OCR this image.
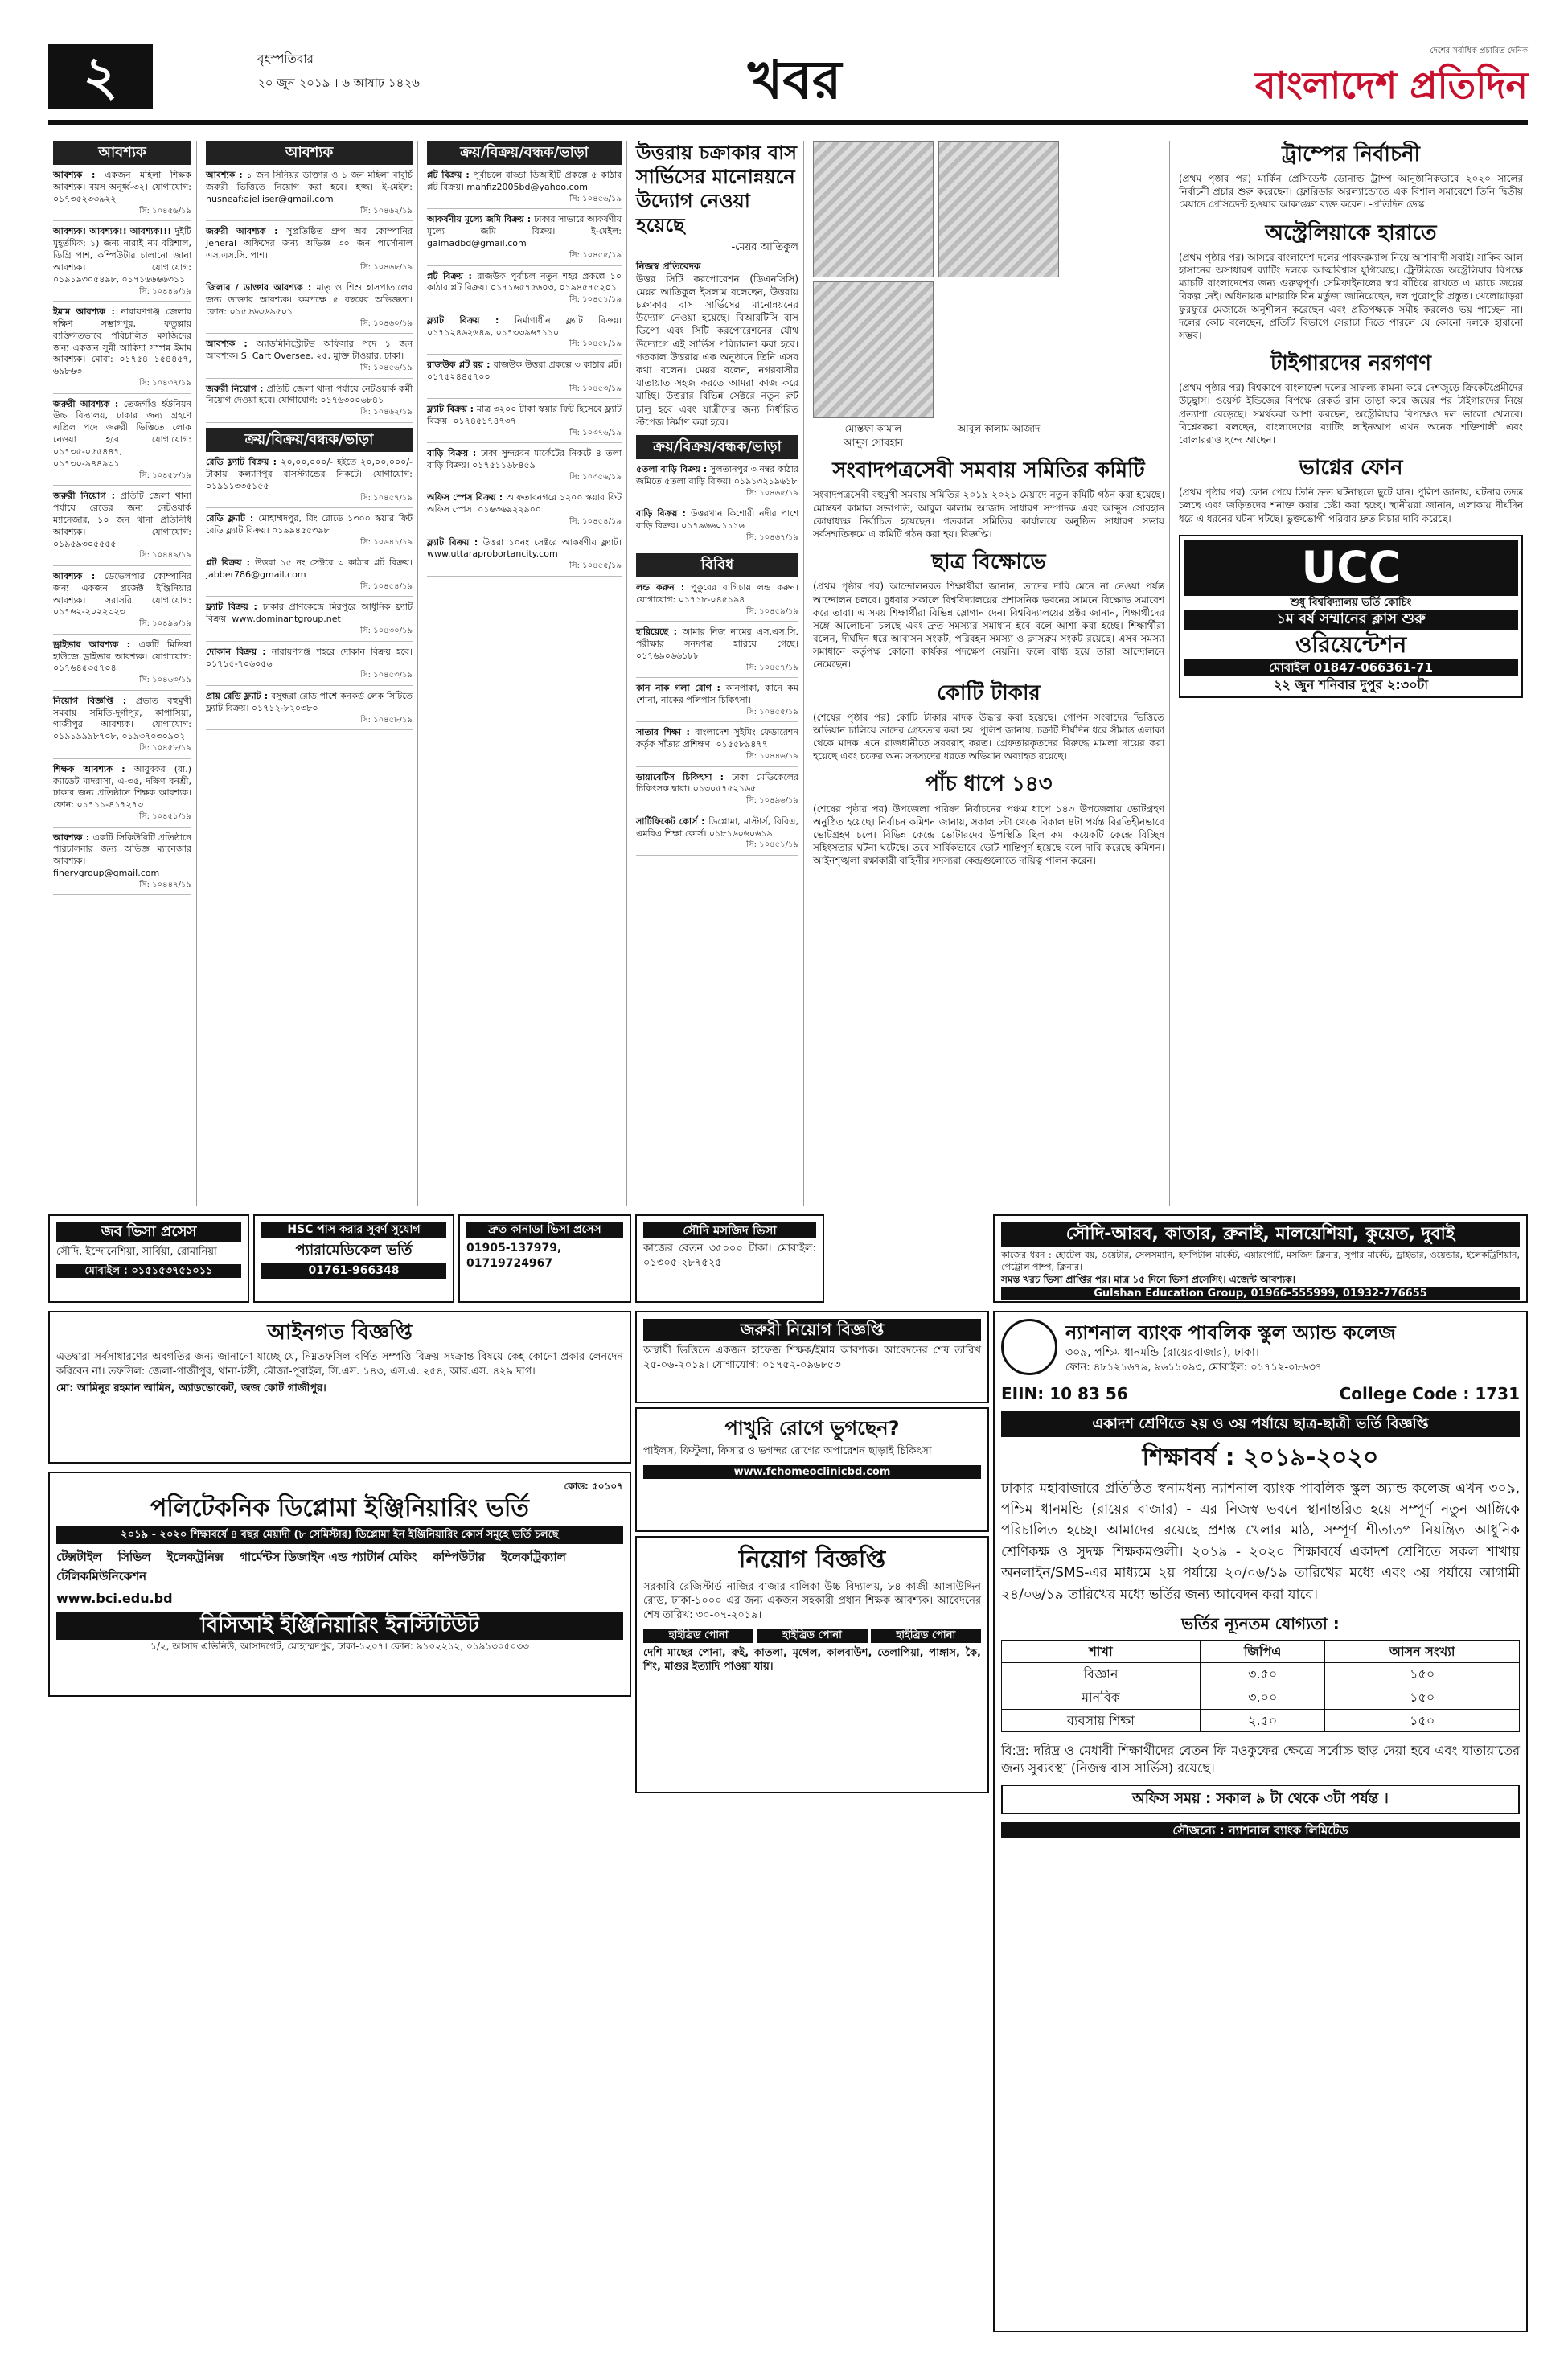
২	বৃহস্পতিবার
২০ জুন ২০১৯ । ৬ আষাঢ় ১৪২৬	খবর	দেশের সর্বাধিক প্রচারিত দৈনিক
বাংলাদেশ প্রতিদিন
আবশ্যক
আবশ্যক : একজন মহিলা শিক্ষক আবশ্যক। বয়স অনূর্ধ্ব-৩২। যোগাযোগ: ০১৭৩৫২৩৩৯২২
সি: ১০৪৫৬/১৯
আবশ্যক! আবশ্যক!! আবশ্যক!!! দুইটি মুহূর্তমিক: ১) জন্য নারাই নম বরিশাল, ডিগ্রি পাশ, কম্পিউটার চালানো জানা আবশ্যক। যোগাযোগ: ০১৯১৯৩০৫৪৯৮, ০১৭১৬৬৬৬৩১১
সি: ১০৪৪৯/১৯
ইমাম আবশ্যক : নারায়ণগঞ্জ জেলার দক্ষিণ সম্ভাগপুর, ফতুল্লায় ব্যক্তিগতভাবে পরিচালিত মসজিদের জন্য একজন সুন্নী আকিদা সম্পন্ন ইমাম আবশ্যক। মোবা: ০১৭৫৪ ১৫৪৪৫৭, ৬৯৮৬৩
সি: ১০৪৩৭/১৯
জরুরী আবশ্যক : তেজগাঁও ইউনিয়ন উচ্চ বিদ্যালয়, ঢাকার জন্য গ্রহণে এপ্রিল পদে জরুরী ভিত্তিতে লোক নেওয়া হবে। যোগাযোগ: ০১৭৩৫-০৫৫৪৪৭, ০১৭৩০-৯৪৪৯৩১
সি: ১০৪৫৮/১৯
জরুরী নিয়োগ : প্রতিটি জেলা থানা পর্যায়ে রেডের জন্য নেটওয়ার্ক ম্যানেজার, ১০ জন থানা প্রতিনিধি আবশ্যক। যোগাযোগ: ০১৯৫৯৩০৫৫৫৫
সি: ১০৪৪৯/১৯
আবশ্যক : ডেভেলপার কোম্পানির জন্য একজন প্রজেক্ট ইঞ্জিনিয়ার আবশ্যক। সরাসরি যোগাযোগ: ০১৭৬২-২০২২৩২৩
সি: ১০৪৯৯/১৯
ড্রাইভার আবশ্যক : একটি মিডিয়া হাউজে ড্রাইভার আবশ্যক। যোগাযোগ: ০১৭৬৪৫৩৫৭০৪
সি: ১০৪৬৩/১৯
নিয়োগ বিজ্ঞপ্তি : প্রভাত বহুমুখী সমবায় সমিতি-দুর্গাপুর, কাপাসিয়া, গাজীপুর আবশ্যক। যোগাযোগ: ০১৯১৯৯৯৮৭০৮, ০১৯৩৭০৩০৯০২
সি: ১০৪৫৮/১৯
শিক্ষক আবশ্যক : আবুবকর (রা.) ক্যাডেট মাদরাসা, এ-৩৫, দক্ষিণ বনশ্রী, ঢাকার জন্য প্রতিষ্ঠানে শিক্ষক আবশ্যক। ফোন: ০১৭১১-৪১৭২৭৩
সি: ১০৪৫১/১৯
আবশ্যক : একটি সিকিউরিটি প্রতিষ্ঠানে পরিচালনার জন্য অভিজ্ঞ ম্যানেজার আবশ্যক। finerygroup@gmail.com
সি: ১০৪৪৭/১৯
আবশ্যক
আবশ্যক : ১ জন সিনিয়র ডাক্তার ও ১ জন মহিলা বাবুর্চি জরুরী ভিত্তিতে নিয়োগ করা হবে। হজ্জ। ই-মেইল: husneaf:ajelliser@gmail.com
সি: ১০৪৬২/১৯
জরুরী আবশ্যক : সুপ্রতিষ্ঠিত গ্রুপ অব কোম্পানির Jeneral অফিসের জন্য অভিজ্ঞ ৩০ জন পার্সোনাল এস.এস.সি. পাশ।
সি: ১০৪৬৮/১৯
জিলার / ডাক্তার আবশ্যক : মাতৃ ও শিশু হাসপাতালের জন্য ডাক্তার আবশ্যক। কমপক্ষে ৫ বছরের অভিজ্ঞতা। ফোন: ০১৫৫৬৩৬৯৫০১
সি: ১০৪৬০/১৯
আবশ্যক : অ্যাডমিনিস্ট্রেটিভ অফিসার পদে ১ জন আবশ্যক। S. Cart Oversee, ২৫, মুক্তি টাওয়ার, ঢাকা।
সি: ১০৪৫৬/১৯
জরুরী নিয়োগ : প্রতিটি জেলা থানা পর্যায়ে নেটওয়ার্ক কর্মী নিয়োগ দেওয়া হবে। যোগাযোগ: ০১৭৬৩০০৬৮৪১
সি: ১০৪৬২/১৯
ক্রয়/বিক্রয়/বন্ধক/ভাড়া
রেডি ফ্ল্যাট বিক্রয় : ২০,০০,০০০/- হইতে ২০,০০,০০০/- টাকায় কল্যাণপুর বাসস্ট্যান্ডের নিকটে। যোগাযোগ: ০১৯১১৩৩৫১৫৫
সি: ১০৪৫৭/১৯
রেডি ফ্ল্যাট : মোহাম্মদপুর, রিং রোডে ১৩০০ স্কয়ার ফিট রেডি ফ্ল্যাট বিক্রয়। ০১৯৯৪৫৫৩৯৮
সি: ১০৬৪১/১৯
প্লট বিক্রয় : উত্তরা ১৫ নং সেক্টরে ৩ কাঠার প্লট বিক্রয়। jabber786@gmail.com
সি: ১০৪৫৪/১৯
ফ্ল্যাট বিক্রয় : ঢাকার প্রাণকেন্দ্রে মিরপুরে আধুনিক ফ্ল্যাট বিক্রয়। www.dominantgroup.net
সি: ১০৪৩০/১৯
দোকান বিক্রয় : নারায়ণগঞ্জ শহরে দোকান বিক্রয় হবে। ০১৭১৫-৭০৬০৫৬
সি: ১০৪৫৩/১৯
প্রায় রেডি ফ্ল্যাট : বসুন্ধরা রোড পাশে কনকর্ড লেক সিটিতে ফ্ল্যাট বিক্রয়। ০১৭১২-৮২০৩৮০
সি: ১০৪৫৮/১৯
ক্রয়/বিক্রয়/বন্ধক/ভাড়া
প্লট বিক্রয় : পূর্বাচলে বাড্ডা ডিআইটি প্রকল্পে ৫ কাঠার প্লট বিক্রয়। mahfiz2005bd@yahoo.com
সি: ১০৪৫৬/১৯
আকর্ষণীয় মূল্যে জমি বিক্রয় : ঢাকার সাভারে আকর্ষণীয় মূল্যে জমি বিক্রয়। ই-মেইল: galmadbd@gmail.com
সি: ১০৪৫৫/১৯
প্লট বিক্রয় : রাজউক পূর্বাচল নতুন শহর প্রকল্পে ১০ কাঠার প্লট বিক্রয়। ০১৭১৬৫৭৫৬০৩, ০১৯৪৫৭৫২০১
সি: ১০৪৫১/১৯
ফ্ল্যাট বিক্রয় : নির্মাণাধীন ফ্ল্যাট বিক্রয়। ০১৭১২৪৬২৬৪৯, ০১৭৩৩৯৬৭১১০
সি: ১০৪৫৮/১৯
রাজউক প্লট রয় : রাজউক উত্তরা প্রকল্পে ৩ কাঠার প্লট। ০১৭৫২৪৪৫৭০০
সি: ১০৪৫৩/১৯
ফ্ল্যাট বিক্রয় : মাত্র ৩২০০ টাকা স্কয়ার ফিট হিসেবে ফ্ল্যাট বিক্রয়। ০১৭৪৫১৭৪৭৩৭
সি: ১০৩৭৬/১৯
বাড়ি বিক্রয় : ঢাকা সুন্দরবন মার্কেটের নিকটে ৪ তলা বাড়ি বিক্রয়। ০১৭৫১১৬৮৪৫৯
সি: ১০৩৫৬/১৯
অফিস স্পেস বিক্রয় : আফতাবনগরে ১২০০ স্কয়ার ফিট অফিস স্পেস। ০১৬৩৬৯২২৯০০
সি: ১০৪৫৪/১৯
ফ্ল্যাট বিক্রয় : উত্তরা ১০নং সেক্টরে আকর্ষণীয় ফ্ল্যাট। www.uttaraprobortancity.com
সি: ১০৪৫৫/১৯
উত্তরায় চক্রাকার বাস সার্ভিসের মানোন্নয়নে উদ্যোগ নেওয়া হয়েছে
-মেয়র আতিকুল
নিজস্ব প্রতিবেদক
উত্তর সিটি করপোরেশন (ডিএনসিসি) মেয়র আতিকুল ইসলাম বলেছেন, উত্তরায় চক্রাকার বাস সার্ভিসের মানোন্নয়নের উদ্যোগ নেওয়া হয়েছে। বিআরটিসি বাস ডিপো এবং সিটি করপোরেশনের যৌথ উদ্যোগে এই সার্ভিস পরিচালনা করা হবে। গতকাল উত্তরায় এক অনুষ্ঠানে তিনি এসব কথা বলেন। মেয়র বলেন, নগরবাসীর যাতায়াত সহজ করতে আমরা কাজ করে যাচ্ছি। উত্তরার বিভিন্ন সেক্টরে নতুন রুট চালু হবে এবং যাত্রীদের জন্য নির্ধারিত স্টপেজ নির্মাণ করা হবে।
ক্রয়/বিক্রয়/বন্ধক/ভাড়া
৫তলা বাড়ি বিক্রয় : সুলতানপুর ৩ নম্বর কাঠার জমিতে ৫তলা বাড়ি বিক্রয়। ০১৯১৩২১৯৬১৮
সি: ১০৪৬৫/১৯
বাড়ি বিক্রয় : উত্তরখান কিশোরী নদীর পাশে বাড়ি বিক্রয়। ০১৭৯৬৬০১১১৬
সি: ১০৪৬৭/১৯
বিবিধ
লন্ড করুন : পুকুরের বাগিচায় লন্ড করুন। যোগাযোগ: ০১৭১৮-০৪৫১৯৪
সি: ১০৪৫৯/১৯
হারিয়েছে : আমার নিজ নামের এস.এস.সি. পরীক্ষার সনদপত্র হারিয়ে গেছে। ০১৭৬৯০৬৬১৮৮
সি: ১০৪৫৭/১৯
কান নাক গলা রোগ : কানপাকা, কানে কম শোনা, নাকের পলিপাস চিকিৎসা।
সি: ১০৪৫৫/১৯
সাতার শিক্ষা : বাংলাদেশ সুইমিং ফেডারেশন কর্তৃক সাঁতার প্রশিক্ষণ। ০১৫৫৮৯৪৭৭
সি: ১০৪৪৬/১৯
ডায়াবেটিস চিকিৎসা : ঢাকা মেডিকেলের চিকিৎসক দ্বারা। ০১৩০৫৭৫২১৬৫
সি: ১০৪৯৬/১৯
সার্টিফিকেট কোর্স : ডিপ্লোমা, মাস্টার্স, বিবিএ, এমবিএ শিক্ষা কোর্স। ০১৮১৬০৬০৬১৯
সি: ১০৪৫১/১৯
মোস্তফা কামাল	আবুল কালাম আজাদআব্দুস সোবহান
সংবাদপত্রসেবী সমবায় সমিতির কমিটি
সংবাদপত্রসেবী বহুমুখী সমবায় সমিতির ২০১৯-২০২১ মেয়াদে নতুন কমিটি গঠন করা হয়েছে। মোস্তফা কামাল সভাপতি, আবুল কালাম আজাদ সাধারণ সম্পাদক এবং আব্দুস সোবহান কোষাধ্যক্ষ নির্বাচিত হয়েছেন। গতকাল সমিতির কার্যালয়ে অনুষ্ঠিত সাধারণ সভায় সর্বসম্মতিক্রমে এ কমিটি গঠন করা হয়। বিজ্ঞপ্তি।
ছাত্র বিক্ষোভে
(প্রথম পৃষ্ঠার পর) আন্দোলনরত শিক্ষার্থীরা জানান, তাদের দাবি মেনে না নেওয়া পর্যন্ত আন্দোলন চলবে। বুধবার সকালে বিশ্ববিদ্যালয়ের প্রশাসনিক ভবনের সামনে বিক্ষোভ সমাবেশ করে তারা। এ সময় শিক্ষার্থীরা বিভিন্ন স্লোগান দেন। বিশ্ববিদ্যালয়ের প্রক্টর জানান, শিক্ষার্থীদের সঙ্গে আলোচনা চলছে এবং দ্রুত সমস্যার সমাধান হবে বলে আশা করা হচ্ছে। শিক্ষার্থীরা বলেন, দীর্ঘদিন ধরে আবাসন সংকট, পরিবহন সমস্যা ও ক্লাসরুম সংকট রয়েছে। এসব সমস্যা সমাধানে কর্তৃপক্ষ কোনো কার্যকর পদক্ষেপ নেয়নি। ফলে বাধ্য হয়ে তারা আন্দোলনে নেমেছেন।
কোটি টাকার
(শেষের পৃষ্ঠার পর) কোটি টাকার মাদক উদ্ধার করা হয়েছে। গোপন সংবাদের ভিত্তিতে অভিযান চালিয়ে তাদের গ্রেফতার করা হয়। পুলিশ জানায়, চক্রটি দীর্ঘদিন ধরে সীমান্ত এলাকা থেকে মাদক এনে রাজধানীতে সরবরাহ করত। গ্রেফতারকৃতদের বিরুদ্ধে মামলা দায়ের করা হয়েছে এবং চক্রের অন্য সদস্যদের ধরতে অভিযান অব্যাহত রয়েছে।
পাঁচ ধাপে ১৪৩
(শেষের পৃষ্ঠার পর) উপজেলা পরিষদ নির্বাচনের পঞ্চম ধাপে ১৪৩ উপজেলায় ভোটগ্রহণ অনুষ্ঠিত হয়েছে। নির্বাচন কমিশন জানায়, সকাল ৮টা থেকে বিকাল ৪টা পর্যন্ত বিরতিহীনভাবে ভোটগ্রহণ চলে। বিভিন্ন কেন্দ্রে ভোটারদের উপস্থিতি ছিল কম। কয়েকটি কেন্দ্রে বিচ্ছিন্ন সহিংসতার ঘটনা ঘটেছে। তবে সার্বিকভাবে ভোট শান্তিপূর্ণ হয়েছে বলে দাবি করেছে কমিশন। আইনশৃঙ্খলা রক্ষাকারী বাহিনীর সদস্যরা কেন্দ্রগুলোতে দায়িত্ব পালন করেন।
ট্রাম্পের নির্বাচনী
(প্রথম পৃষ্ঠার পর) মার্কিন প্রেসিডেন্ট ডোনাল্ড ট্রাম্প আনুষ্ঠানিকভাবে ২০২০ সালের নির্বাচনী প্রচার শুরু করেছেন। ফ্লোরিডার অরল্যান্ডোতে এক বিশাল সমাবেশে তিনি দ্বিতীয় মেয়াদে প্রেসিডেন্ট হওয়ার আকাঙ্ক্ষা ব্যক্ত করেন। -প্রতিদিন ডেস্ক
অস্ট্রেলিয়াকে হারাতে
(প্রথম পৃষ্ঠার পর) আসরে বাংলাদেশ দলের পারফরম্যান্স নিয়ে আশাবাদী সবাই। সাকিব আল হাসানের অসাধারণ ব্যাটিং দলকে আত্মবিশ্বাস যুগিয়েছে। ট্রেন্টব্রিজে অস্ট্রেলিয়ার বিপক্ষে ম্যাচটি বাংলাদেশের জন্য গুরুত্বপূর্ণ। সেমিফাইনালের স্বপ্ন বাঁচিয়ে রাখতে এ ম্যাচে জয়ের বিকল্প নেই। অধিনায়ক মাশরাফি বিন মর্তুজা জানিয়েছেন, দল পুরোপুরি প্রস্তুত। খেলোয়াড়রা ফুরফুরে মেজাজে অনুশীলন করেছেন এবং প্রতিপক্ষকে সমীহ করলেও ভয় পাচ্ছেন না। দলের কোচ বলেছেন, প্রতিটি বিভাগে সেরাটা দিতে পারলে যে কোনো দলকে হারানো সম্ভব।
টাইগারদের নরগণণ
(প্রথম পৃষ্ঠার পর) বিশ্বকাপে বাংলাদেশ দলের সাফল্য কামনা করে দেশজুড়ে ক্রিকেটপ্রেমীদের উচ্ছ্বাস। ওয়েস্ট ইন্ডিজের বিপক্ষে রেকর্ড রান তাড়া করে জয়ের পর টাইগারদের নিয়ে প্রত্যাশা বেড়েছে। সমর্থকরা আশা করছেন, অস্ট্রেলিয়ার বিপক্ষেও দল ভালো খেলবে। বিশ্লেষকরা বলছেন, বাংলাদেশের ব্যাটিং লাইনআপ এখন অনেক শক্তিশালী এবং বোলাররাও ছন্দে আছেন।
ভাগ্নের ফোন
(প্রথম পৃষ্ঠার পর) ফোন পেয়ে তিনি দ্রুত ঘটনাস্থলে ছুটে যান। পুলিশ জানায়, ঘটনার তদন্ত চলছে এবং জড়িতদের শনাক্ত করার চেষ্টা করা হচ্ছে। স্থানীয়রা জানান, এলাকায় দীর্ঘদিন ধরে এ ধরনের ঘটনা ঘটছে। ভুক্তভোগী পরিবার দ্রুত বিচার দাবি করেছে।
UCC
শুধু বিশ্ববিদ্যালয় ভর্তি কোচিং
১ম বর্ষ সম্মানের ক্লাস শুরু
ওরিয়েন্টেশন
মোবাইল 01847-066361-71
২২ জুন শনিবার দুপুর ২:৩০টা
জব ভিসা প্রসেস

সৌদি, ইন্দোনেশিয়া, সার্বিয়া, রোমানিয়া

মোবাইল : ০১৫১৫৩৭৫১০১১
HSC পাস করার সুবর্ণ সুযোগ

প্যারামেডিকেল ভর্তি

01761-966348
দ্রুত কানাডা ভিসা প্রসেস

01905-137979, 01719724967

সৌদি মসজিদ ভিসা

কাজের বেতন ৩৫০০০ টাকা। মোবাইল: ০১৩০৫-২৮৭৫২৫

সৌদি-আরব, কাতার, ব্রুনাই, মালয়েশিয়া, কুয়েত, দুবাই

কাজের ধরন : হোটেল বয়, ওয়েটার, সেলসম্যান, হসপিটাল মার্কেট, এয়ারপোর্ট, মসজিদ ক্লিনার, সুপার মার্কেট, ড্রাইভার, ওয়েন্ডার, ইলেকট্রিশিয়ান, পেট্রোল পাম্প, ক্লিনার।

সমস্ত খরচ ভিসা প্রাপ্তির পর। মাত্র ১৫ দিনে ভিসা প্রসেসিং। এজেন্ট আবশ্যক।
Gulshan Education Group, 01966-555999, 01932-776655
আইনগত বিজ্ঞপ্তি

এতদ্বারা সর্বসাধারণের অবগতির জন্য জানানো যাচ্ছে যে, নিম্নতফসিল বর্ণিত সম্পত্তি বিক্রয় সংক্রান্ত বিষয়ে কেহ কোনো প্রকার লেনদেন করিবেন না। তফসিল: জেলা-গাজীপুর, থানা-টঙ্গী, মৌজা-পূবাইল, সি.এস. ১৪৩, এস.এ. ২৫৪, আর.এস. ৪২৯ দাগ।

মো: আমিনুর রহমান আমিন, অ্যাডভোকেট, জজ কোর্ট গাজীপুর।

জরুরী নিয়োগ বিজ্ঞপ্তি

অস্থায়ী ভিত্তিতে একজন হাফেজ শিক্ষক/ইমাম আবশ্যক। আবেদনের শেষ তারিখ ২৫-০৬-২০১৯। যোগাযোগ: ০১৭৫২-০৯৬৮৫৩

পাখুরি রোগে ভুগছেন?

পাইলস, ফিস্টুলা, ফিসার ও ভগন্দর রোগের অপারেশন ছাড়াই চিকিৎসা।

www.fchomeoclinicbd.com
কোড: ৫০১০৭
পলিটেকনিক ডিপ্লোমা ইঞ্জিনিয়ারিং ভর্তি
২০১৯ - ২০২০ শিক্ষাবর্ষে ৪ বছর মেয়াদী (৮ সেমিস্টার) ডিপ্লোমা ইন ইঞ্জিনিয়ারিং কোর্স সমূহে ভর্তি চলছে
টেক্সটাইল সিভিল ইলেকট্রনিক্স গার্মেন্টস ডিজাইন এন্ড প্যাটার্ন মেকিং কম্পিউটার ইলেকট্রিক্যাল
টেলিকমিউনিকেশন
www.bci.edu.bd
বিসিআই ইঞ্জিনিয়ারিং ইনস্টিটিউট
১/২, আসাদ এভিনিউ, আসাদগেট, মোহাম্মদপুর, ঢাকা-১২০৭। ফোন: ৯১০২২১২, ০১৯১৩০৫০৩৩
নিয়োগ বিজ্ঞপ্তি

সরকারি রেজিস্টার্ড নাজির বাজার বালিকা উচ্চ বিদ্যালয়, ৮৪ কাজী আলাউদ্দিন রোড, ঢাকা-১০০০ এর জন্য একজন সহকারী প্রধান শিক্ষক আবশ্যক। আবেদনের শেষ তারিখ: ৩০-০৭-২০১৯।

হাইব্রিড পোনা	হাইব্রিড পোনা	হাইব্রিড পোনা

দেশি মাছের পোনা, রুই, কাতলা, মৃগেল, কালবাউশ, তেলাপিয়া, পাঙ্গাস, কৈ, শিং, মাগুর ইত্যাদি পাওয়া যায়।

ন্যাশনাল ব্যাংক পাবলিক স্কুল অ্যান্ড কলেজ
৩০৯, পশ্চিম ধানমন্ডি (রায়েরবাজার), ঢাকা।
ফোন: ৪৮১২১৬৭৯, ৯৬১১০৯৩, মোবাইল: ০১৭১২-০৮৬৩৭
EIIN: 10 83 56	College Code : 1731
একাদশ শ্রেণিতে ২য় ও ৩য় পর্যায়ে ছাত্র-ছাত্রী ভর্তি বিজ্ঞপ্তি
শিক্ষাবর্ষ : ২০১৯-২০২০

ঢাকার মহাবাজারে প্রতিষ্ঠিত স্বনামধন্য ন্যাশনাল ব্যাংক পাবলিক স্কুল অ্যান্ড কলেজ এখন ৩০৯, পশ্চিম ধানমন্ডি (রায়ের বাজার) - এর নিজস্ব ভবনে স্থানান্তরিত হয়ে সম্পূর্ণ নতুন আঙ্গিকে পরিচালিত হচ্ছে। আমাদের রয়েছে প্রশস্ত খেলার মাঠ, সম্পূর্ণ শীতাতপ নিয়ন্ত্রিত আধুনিক শ্রেণিকক্ষ ও সুদক্ষ শিক্ষকমণ্ডলী। ২০১৯ - ২০২০ শিক্ষাবর্ষে একাদশ শ্রেণিতে সকল শাখায় অনলাইন/SMS-এর মাধ্যমে ২য় পর্যায়ে ২০/০৬/১৯ তারিখের মধ্যে এবং ৩য় পর্যায়ে আগামী ২৪/০৬/১৯ তারিখের মধ্যে ভর্তির জন্য আবেদন করা যাবে।

ভর্তির ন্যূনতম যোগ্যতা :
শাখা	জিপিএ	আসন সংখ্যা
বিজ্ঞান	৩.৫০	১৫০
মানবিক	৩.০০	১৫০
ব্যবসায় শিক্ষা	২.৫০	১৫০

বি:দ্র: দরিদ্র ও মেধাবী শিক্ষার্থীদের বেতন ফি মওকুফের ক্ষেত্রে সর্বোচ্চ ছাড় দেয়া হবে এবং যাতায়াতের জন্য সুব্যবস্থা (নিজস্ব বাস সার্ভিস) রয়েছে।

অফিস সময় : সকাল ৯ টা থেকে ৩টা পর্যন্ত ।
সৌজন্যে : ন্যাশনাল ব্যাংক লিমিটেড
